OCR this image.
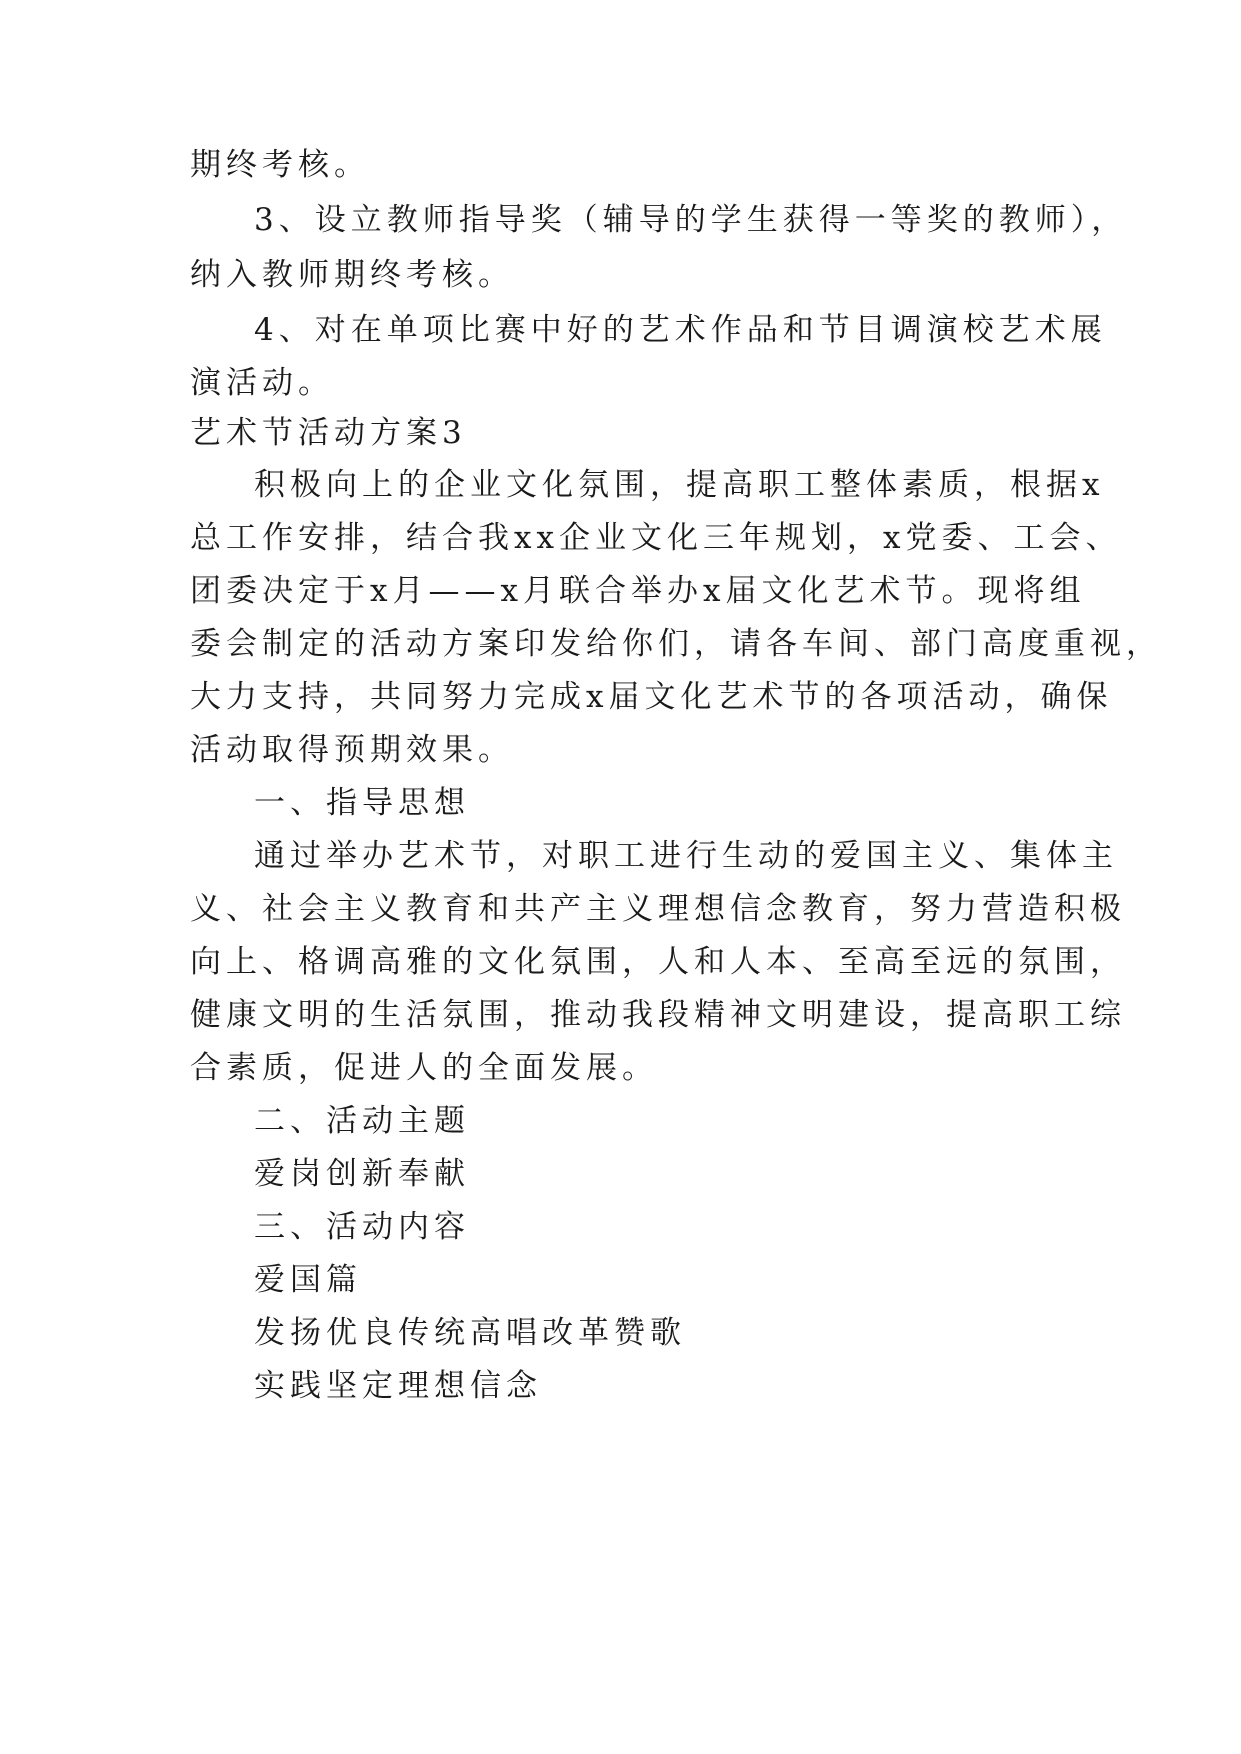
期终考核。
3、设立教师指导奖（辅导的学生获得一等奖的教师），
纳入教师期终考核。
4、对在单项比赛中好的艺术作品和节目调演校艺术展
演活动。
艺术节活动方案3
积极向上的企业文化氛围，提高职工整体素质，根据x
总工作安排，结合我xx企业文化三年规划，x党委、工会、
团委决定于x月——x月联合举办x届文化艺术节。现将组
委会制定的活动方案印发给你们，请各车间、部门高度重视，
大力支持，共同努力完成x届文化艺术节的各项活动，确保
活动取得预期效果。
一、指导思想
通过举办艺术节，对职工进行生动的爱国主义、集体主
义、社会主义教育和共产主义理想信念教育，努力营造积极
向上、格调高雅的文化氛围，人和人本、至高至远的氛围，
健康文明的生活氛围，推动我段精神文明建设，提高职工综
合素质，促进人的全面发展。
二、活动主题
爱岗创新奉献
三、活动内容
爱国篇
发扬优良传统高唱改革赞歌
实践坚定理想信念
